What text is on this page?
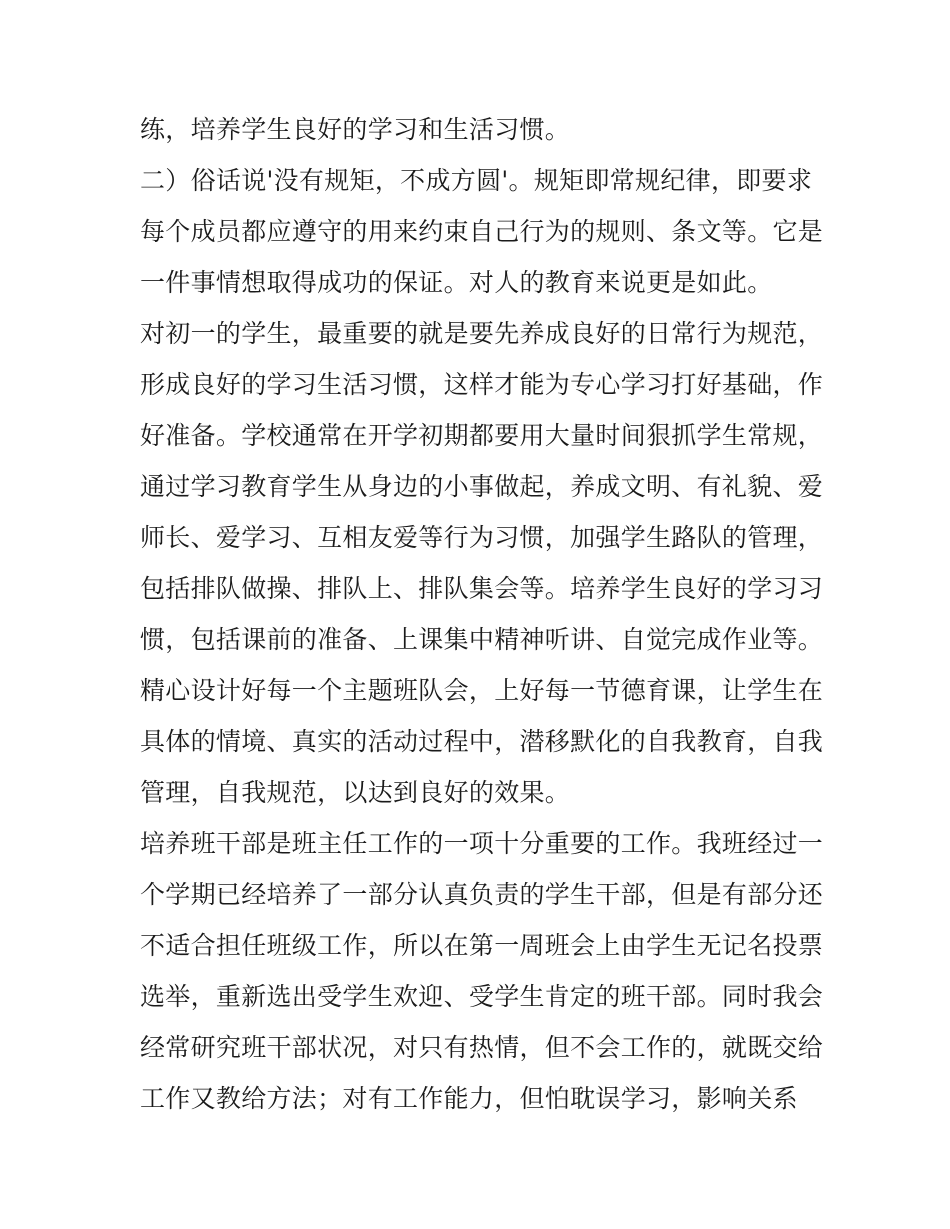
练，培养学生良好的学习和生活习惯。
二）俗话说'没有规矩，不成方圆'。规矩即常规纪律，即要求
每个成员都应遵守的用来约束自己行为的规则、条文等。它是
一件事情想取得成功的保证。对人的教育来说更是如此。
对初一的学生，最重要的就是要先养成良好的日常行为规范，
形成良好的学习生活习惯，这样才能为专心学习打好基础，作
好准备。学校通常在开学初期都要用大量时间狠抓学生常规，
通过学习教育学生从身边的小事做起，养成文明、有礼貌、爱
师长、爱学习、互相友爱等行为习惯，加强学生路队的管理，
包括排队做操、排队上、排队集会等。培养学生良好的学习习
惯，包括课前的准备、上课集中精神听讲、自觉完成作业等。
精心设计好每一个主题班队会，上好每一节德育课，让学生在
具体的情境、真实的活动过程中，潜移默化的自我教育，自我
管理，自我规范，以达到良好的效果。
培养班干部是班主任工作的一项十分重要的工作。我班经过一
个学期已经培养了一部分认真负责的学生干部，但是有部分还
不适合担任班级工作，所以在第一周班会上由学生无记名投票
选举，重新选出受学生欢迎、受学生肯定的班干部。同时我会
经常研究班干部状况，对只有热情，但不会工作的，就既交给
工作又教给方法；对有工作能力，但怕耽误学习，影响关系
